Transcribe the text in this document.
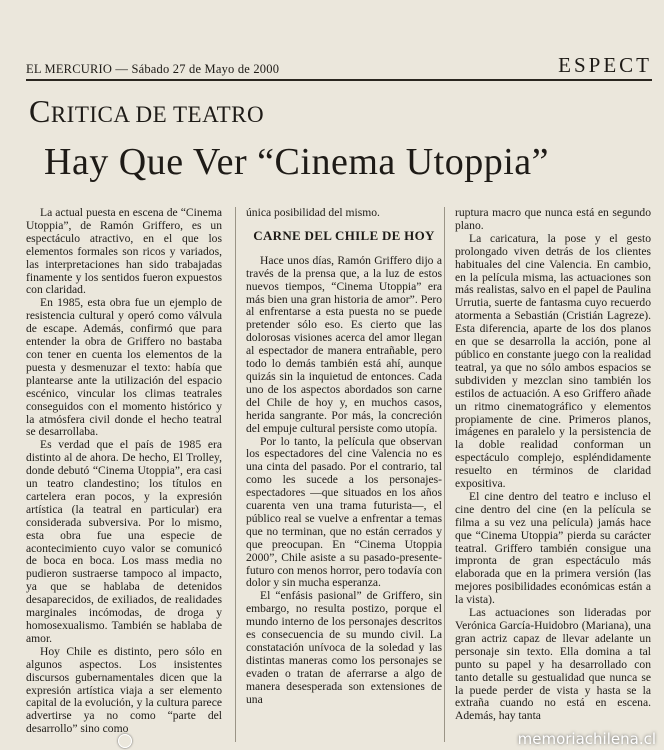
EL MERCURIO — Sábado 27 de Mayo de 2000	ESPECT
CRITICA DE TEATRO
Hay Que Ver “Cinema Utoppia”

La actual puesta en escena de “Cinema Utoppia”, de Ramón Griffero, es un espectáculo atractivo, en el que los elementos formales son ricos y variados, las interpretaciones han sido trabajadas finamente y los sentidos fueron expuestos con claridad.

En 1985, esta obra fue un ejemplo de resistencia cultural y operó como válvula de escape. Además, confirmó que para entender la obra de Griffero no bastaba con tener en cuenta los elementos de la puesta y desmenuzar el texto: había que plantearse ante la utilización del espacio escénico, vincular los climas teatrales conseguidos con el momento histórico y la atmósfera civil donde el hecho teatral se desarrollaba.

Es verdad que el país de 1985 era distinto al de ahora. De hecho, El Trolley, donde debutó “Cinema Utoppia”, era casi un teatro clandestino; los títulos en cartelera eran pocos, y la expresión artística (la teatral en particular) era considerada subversiva. Por lo mismo, esta obra fue una especie de acontecimiento cuyo valor se comunicó de boca en boca. Los mass media no pudieron sustraerse tampoco al impacto, ya que se hablaba de detenidos desaparecidos, de exiliados, de realidades marginales incómodas, de droga y homosexualismo. También se hablaba de amor.

Hoy Chile es distinto, pero sólo en algunos aspectos. Los insistentes discursos gubernamentales dicen que la expresión artística viaja a ser elemento capital de la evolución, y la cultura parece advertirse ya no como “parte del desarrollo” sino como

única posibilidad del mismo.

CARNE DEL CHILE DE HOY

Hace unos días, Ramón Griffero dijo a través de la prensa que, a la luz de estos nuevos tiempos, “Cinema Utoppia” era más bien una gran historia de amor”. Pero al enfrentarse a esta puesta no se puede pretender sólo eso. Es cierto que las dolorosas visiones acerca del amor llegan al espectador de manera entrañable, pero todo lo demás también está ahí, aunque quizás sin la inquietud de entonces. Cada uno de los aspectos abordados son carne del Chile de hoy y, en muchos casos, herida sangrante. Por más, la concreción del empuje cultural persiste como utopía.

Por lo tanto, la película que observan los espectadores del cine Valencia no es una cinta del pasado. Por el contrario, tal como les sucede a los personajes-espectadores —que situados en los años cuarenta ven una trama futurista—, el público real se vuelve a enfrentar a temas que no terminan, que no están cerrados y que preocupan. En “Cinema Utoppia 2000”, Chile asiste a su pasado-presente-futuro con menos horror, pero todavía con dolor y sin mucha esperanza.

El “enfásis pasional” de Griffero, sin embargo, no resulta postizo, porque el mundo interno de los personajes descritos es consecuencia de su mundo civil. La constatación unívoca de la soledad y las distintas maneras como los personajes se evaden o tratan de aferrarse a algo de manera desesperada son extensiones de una

ruptura macro que nunca está en segundo plano.

La caricatura, la pose y el gesto prolongado viven detrás de los clientes habituales del cine Valencia. En cambio, en la película misma, las actuaciones son más realistas, salvo en el papel de Paulina Urrutia, suerte de fantasma cuyo recuerdo atormenta a Sebastián (Cristián Lagreze). Esta diferencia, aparte de los dos planos en que se desarrolla la acción, pone al público en constante juego con la realidad teatral, ya que no sólo ambos espacios se subdividen y mezclan sino también los estilos de actuación. A eso Griffero añade un ritmo cinematográfico y elementos propiamente de cine. Primeros planos, imágenes en paralelo y la persistencia de la doble realidad conforman un espectáculo complejo, espléndidamente resuelto en términos de claridad expositiva.

El cine dentro del teatro e incluso el cine dentro del cine (en la película se filma a su vez una película) jamás hace que “Cinema Utoppia” pierda su carácter teatral. Griffero también consigue una impronta de gran espectáculo más elaborada que en la primera versión (las mejores posibilidades económicas están a la vista).

Las actuaciones son lideradas por Verónica García-Huidobro (Mariana), una gran actriz capaz de llevar adelante un personaje sin texto. Ella domina a tal punto su papel y ha desarrollado con tanto detalle su gestualidad que nunca se la puede perder de vista y hasta se la extraña cuando no está en escena. Además, hay tanta

memoriachilena.cl
